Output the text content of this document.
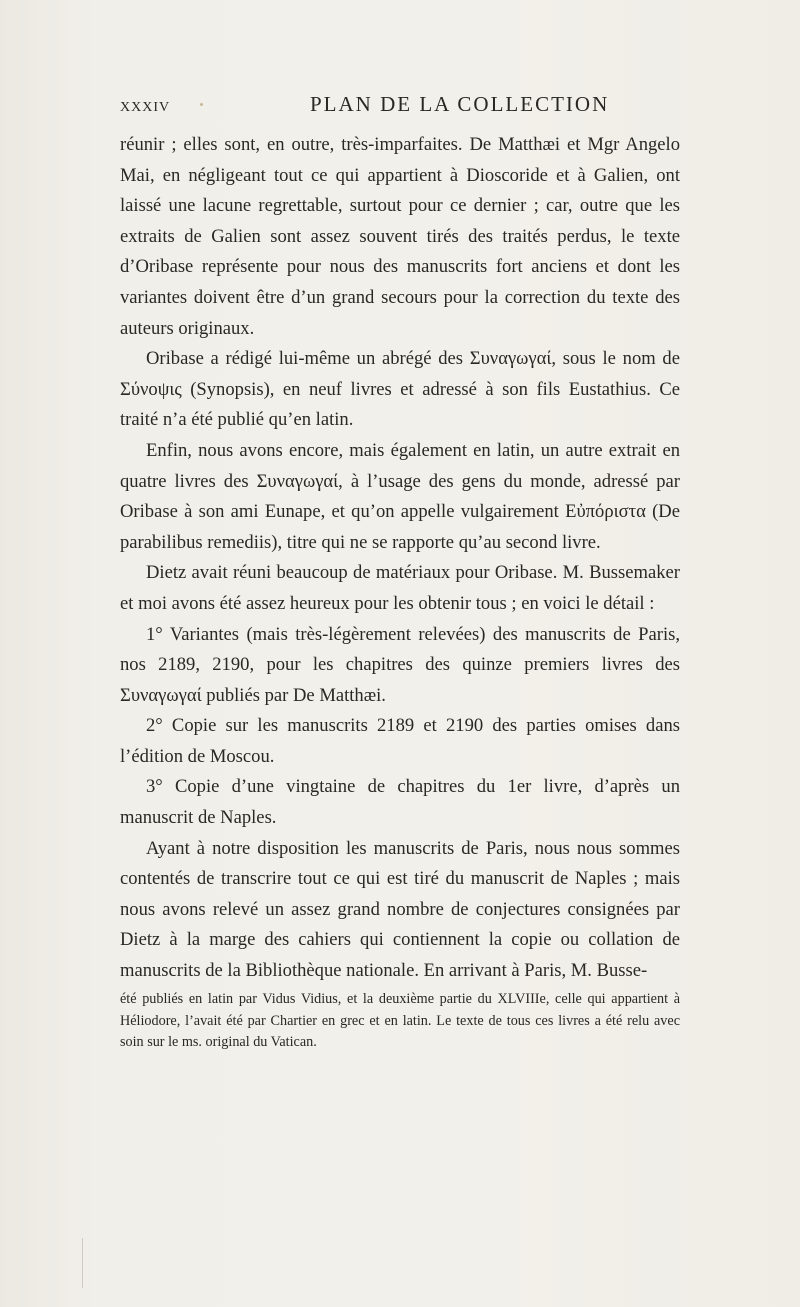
XXXIV	PLAN DE LA COLLECTION

réunir ; elles sont, en outre, très-imparfaites. De Matthæi et Mgr Angelo Mai, en négligeant tout ce qui appartient à Dioscoride et à Galien, ont laissé une lacune regrettable, surtout pour ce dernier ; car, outre que les extraits de Galien sont assez souvent tirés des traités perdus, le texte d’Oribase représente pour nous des manuscrits fort anciens et dont les variantes doivent être d’un grand secours pour la correction du texte des auteurs originaux.

Oribase a rédigé lui-même un abrégé des Συναγωγαί, sous le nom de Σύνοψις (Synopsis), en neuf livres et adressé à son fils Eustathius. Ce traité n’a été publié qu’en latin.

Enfin, nous avons encore, mais également en latin, un autre extrait en quatre livres des Συναγωγαί, à l’usage des gens du monde, adressé par Oribase à son ami Eunape, et qu’on appelle vulgairement Εὐπόριστα (De parabilibus remediis), titre qui ne se rapporte qu’au second livre.

Dietz avait réuni beaucoup de matériaux pour Oribase. M. Bussemaker et moi avons été assez heureux pour les obtenir tous ; en voici le détail :

1° Variantes (mais très-légèrement relevées) des manuscrits de Paris, nos 2189, 2190, pour les chapitres des quinze premiers livres des Συναγωγαί publiés par De Matthæi.

2° Copie sur les manuscrits 2189 et 2190 des parties omises dans l’édition de Moscou.

3° Copie d’une vingtaine de chapitres du 1er livre, d’après un manuscrit de Naples.

Ayant à notre disposition les manuscrits de Paris, nous nous sommes contentés de transcrire tout ce qui est tiré du manuscrit de Naples ; mais nous avons relevé un assez grand nombre de conjectures consignées par Dietz à la marge des cahiers qui contiennent la copie ou collation de manuscrits de la Bibliothèque nationale. En arrivant à Paris, M. Busse-

été publiés en latin par Vidus Vidius, et la deuxième partie du XLVIIIe, celle qui appartient à Héliodore, l’avait été par Chartier en grec et en latin. Le texte de tous ces livres a été relu avec soin sur le ms. original du Vatican.
